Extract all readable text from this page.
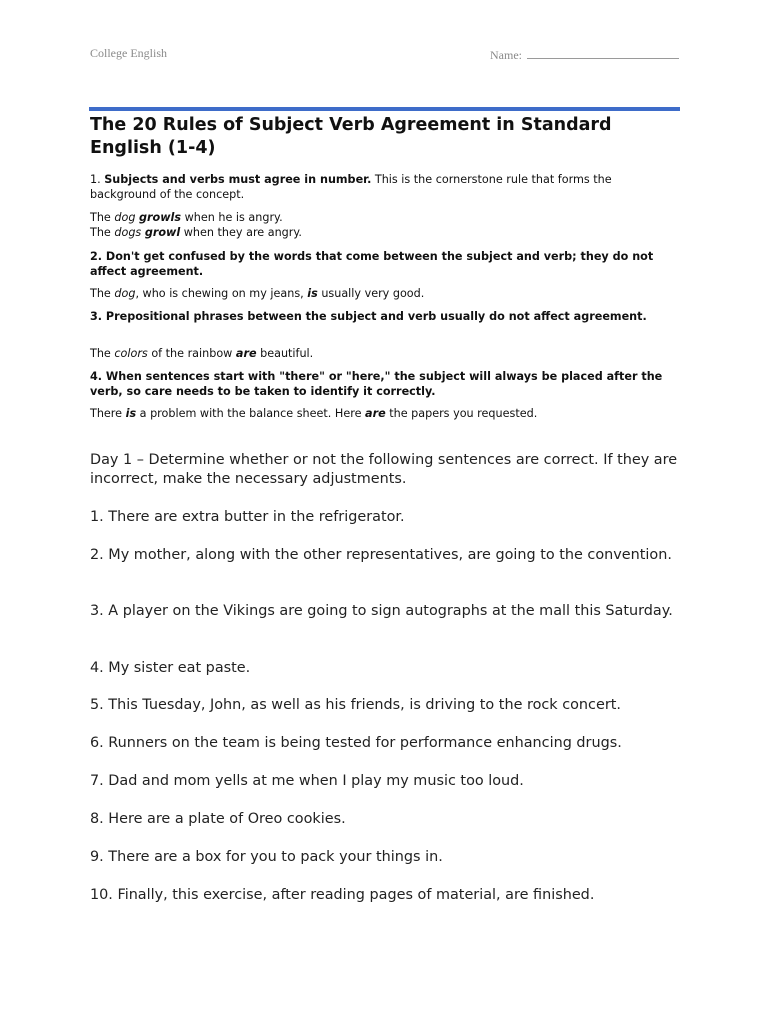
College English	Name:
The 20 Rules of Subject Verb Agreement in Standard English (1-4)

1. Subjects and verbs must agree in number. This is the cornerstone rule that forms the background of the concept.

The dog growls when he is angry.

The dogs growl when they are angry.

2. Don't get confused by the words that come between the subject and verb; they do not affect agreement.

The dog, who is chewing on my jeans, is usually very good.

3. Prepositional phrases between the subject and verb usually do not affect agreement.

The colors of the rainbow are beautiful.

4. When sentences start with "there" or "here," the subject will always be placed after the verb, so care needs to be taken to identify it correctly.

There is a problem with the balance sheet. Here are the papers you requested.

Day 1 – Determine whether or not the following sentences are correct. If they are incorrect, make the necessary adjustments.

1. There are extra butter in the refrigerator.

2. My mother, along with the other representatives, are going to the convention.

3. A player on the Vikings are going to sign autographs at the mall this Saturday.

4. My sister eat paste.

5. This Tuesday, John, as well as his friends, is driving to the rock concert.

6. Runners on the team is being tested for performance enhancing drugs.

7. Dad and mom yells at me when I play my music too loud.

8. Here are a plate of Oreo cookies.

9. There are a box for you to pack your things in.

10. Finally, this exercise, after reading pages of material, are finished.
